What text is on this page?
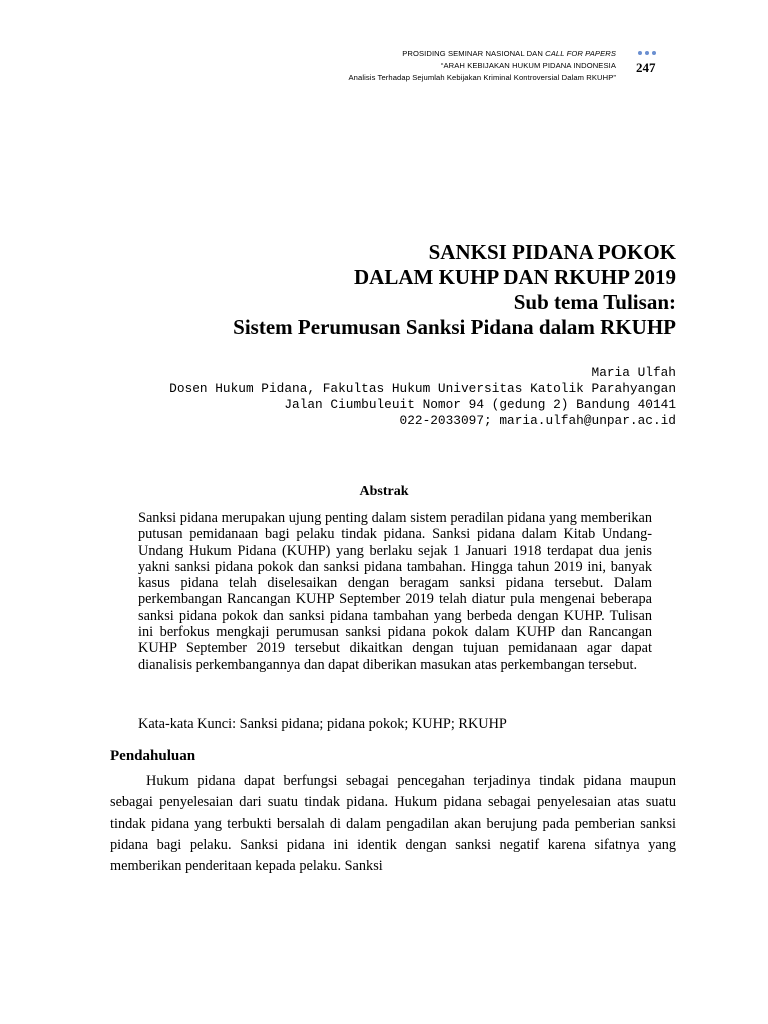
PROSIDING SEMINAR NASIONAL DAN CALL FOR PAPERS
“ARAH KEBIJAKAN HUKUM PIDANA INDONESIA
Analisis Terhadap Sejumlah Kebijakan Kriminal Kontroversial Dalam RKUHP”
247
SANKSI PIDANA POKOK
DALAM KUHP DAN RKUHP 2019
Sub tema Tulisan:
Sistem Perumusan Sanksi Pidana dalam RKUHP
Maria Ulfah
Dosen Hukum Pidana, Fakultas Hukum Universitas Katolik Parahyangan
Jalan Ciumbuleuit Nomor 94 (gedung 2) Bandung 40141
022-2033097; maria.ulfah@unpar.ac.id
Abstrak
Sanksi pidana merupakan ujung penting dalam sistem peradilan pidana yang memberikan putusan pemidanaan bagi pelaku tindak pidana. Sanksi pidana dalam Kitab Undang-Undang Hukum Pidana (KUHP) yang berlaku sejak 1 Januari 1918 terdapat dua jenis yakni sanksi pidana pokok dan sanksi pidana tambahan. Hingga tahun 2019 ini, banyak kasus pidana telah diselesaikan dengan beragam sanksi pidana tersebut. Dalam perkembangan Rancangan KUHP September 2019 telah diatur pula mengenai beberapa sanksi pidana pokok dan sanksi pidana tambahan yang berbeda dengan KUHP. Tulisan ini berfokus mengkaji perumusan sanksi pidana pokok dalam KUHP dan Rancangan KUHP September 2019 tersebut dikaitkan dengan tujuan pemidanaan agar dapat dianalisis perkembangannya dan dapat diberikan masukan atas perkembangan tersebut.
Kata-kata Kunci: Sanksi pidana; pidana pokok; KUHP; RKUHP
Pendahuluan
Hukum pidana dapat berfungsi sebagai pencegahan terjadinya tindak pidana maupun sebagai penyelesaian dari suatu tindak pidana. Hukum pidana sebagai penyelesaian atas suatu tindak pidana yang terbukti bersalah di dalam pengadilan akan berujung pada pemberian sanksi pidana bagi pelaku. Sanksi pidana ini identik dengan sanksi negatif karena sifatnya yang memberikan penderitaan kepada pelaku. Sanksi
